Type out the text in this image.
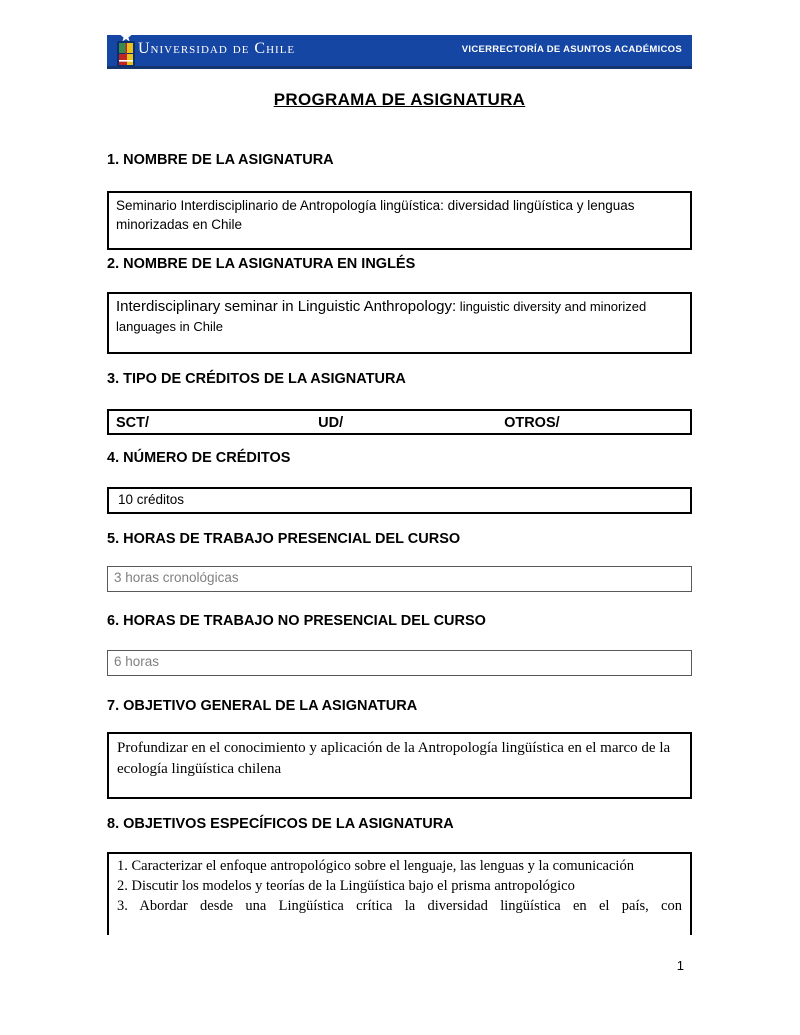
Universidad de Chile	VICERRECTORÍA DE ASUNTOS ACADÉMICOS
PROGRAMA DE ASIGNATURA
1. NOMBRE DE LA ASIGNATURA
Seminario Interdisciplinario de Antropología lingüística: diversidad lingüística y lenguas minorizadas en Chile
2. NOMBRE DE LA ASIGNATURA EN INGLÉS
Interdisciplinary seminar in Linguistic Anthropology: linguistic diversity and minorized languages in Chile
3. TIPO DE CRÉDITOS DE LA ASIGNATURA
SCT/	UD/	OTROS/
4. NÚMERO DE CRÉDITOS
10 créditos
5. HORAS DE TRABAJO PRESENCIAL DEL CURSO
3 horas cronológicas
6. HORAS DE TRABAJO NO PRESENCIAL DEL CURSO
6 horas
7. OBJETIVO GENERAL DE LA ASIGNATURA
Profundizar en el conocimiento y aplicación de la Antropología lingüística en el marco de la ecología lingüística chilena
8. OBJETIVOS ESPECÍFICOS DE LA ASIGNATURA

1. Caracterizar el enfoque antropológico sobre el lenguaje, las lenguas y la comunicación

2. Discutir los modelos y teorías de la Lingüística bajo el prisma antropológico

3. Abordar desde una Lingüística crítica la diversidad lingüística en el país, con

1
